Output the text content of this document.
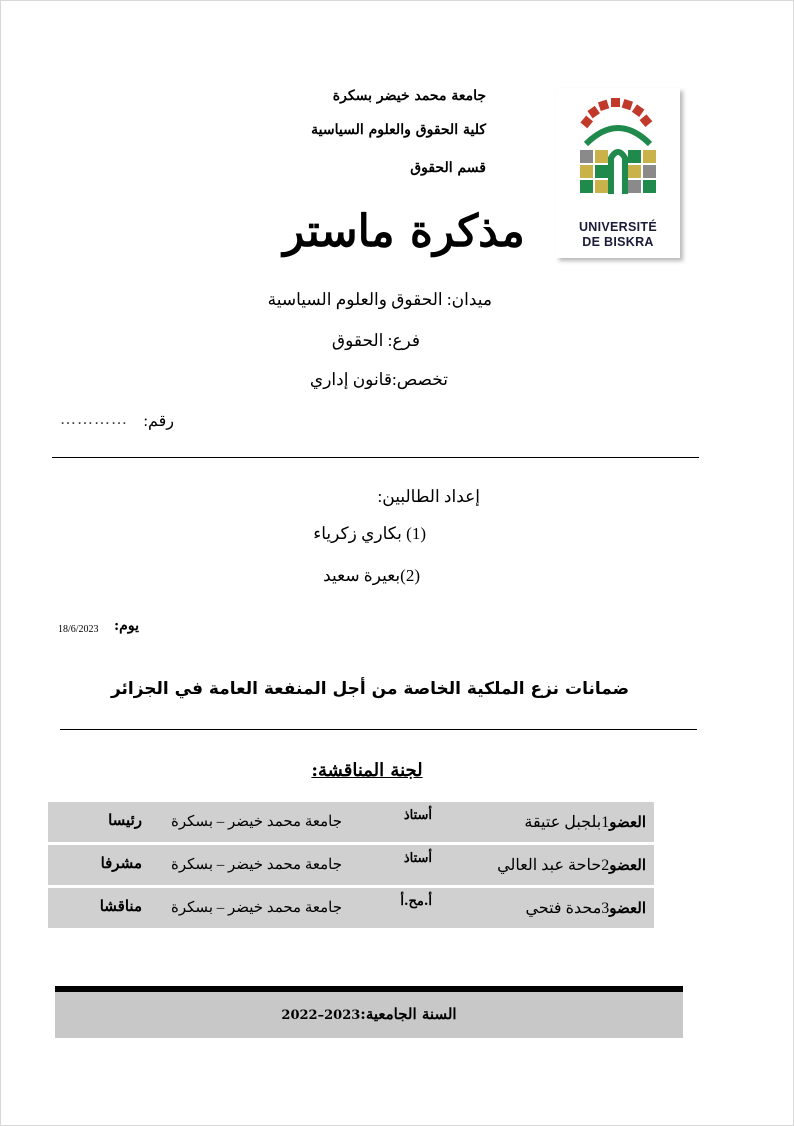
جامعة محمد خيضر بسكرة
كلية الحقوق والعلوم السياسية
قسم الحقوق
UNIVERSITÉ
DE BISKRA
مذكرة ماستر
ميدان: الحقوق والعلوم السياسية
فرع: الحقوق
تخصص:قانون إداري
رقم:
…………
إعداد الطالبين:
(1) بكاري زكرياء
(2)بعيرة سعيد
يوم:
18/6/2023
ضمانات نزع الملكية الخاصة من أجل المنفعة العامة في الجزائر
لجنة المناقشة:
العضو1بلجبل عتيقة
أستاذ
جامعة محمد خيضر – بسكرة
رئيسا
العضو2حاحة عبد العالي
أستاذ
جامعة محمد خيضر – بسكرة
مشرفا
العضو3محدة فتحي
أ.مح.أ
جامعة محمد خيضر – بسكرة
مناقشا
السنة الجامعية:2023–2022
